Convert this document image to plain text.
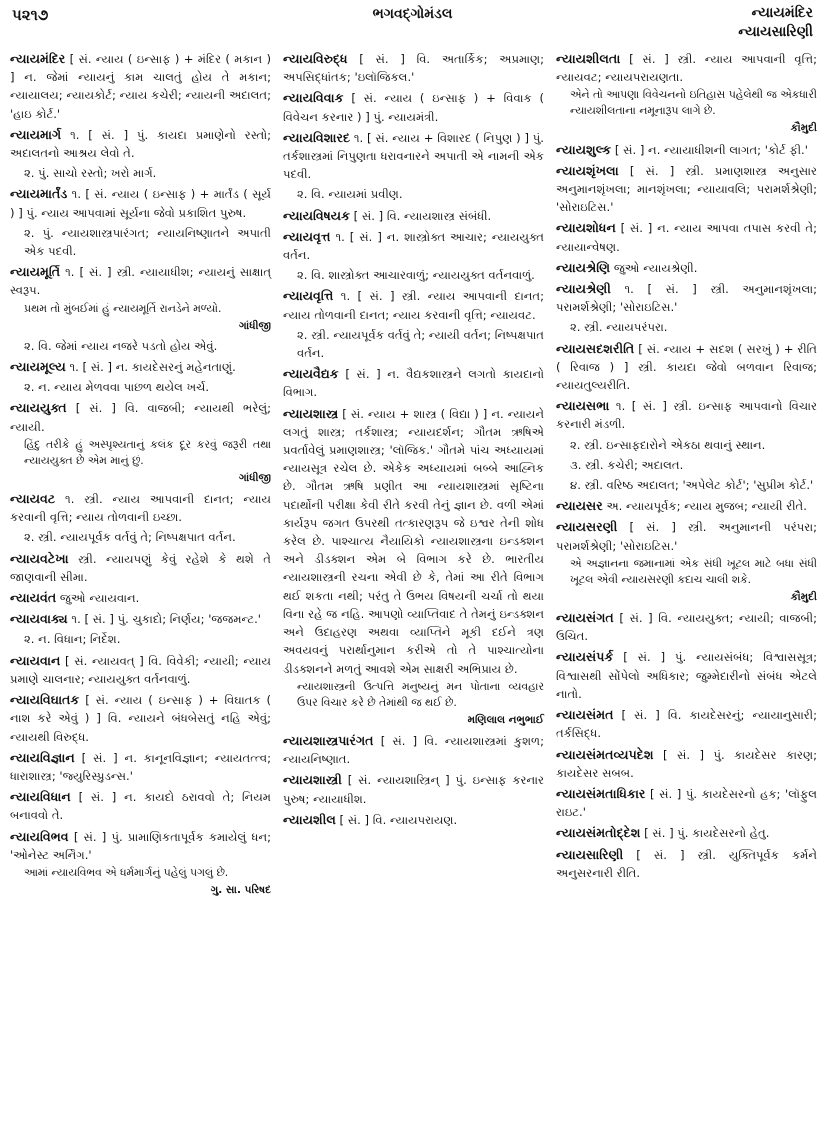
પ૨૧૭	ભગવદ્ગોમંડલ	ન્યાયમંદિર
ન્યાયસારિણી
ન્યાયમંદિર [ સં. ન્યાય ( ઇન્સાફ ) + મંદિર ( મકાન ) ] ન. જેમાં ન્યાયનું કામ ચાલતું હોય તે મકાન; ન્યાયાલય; ન્યાયકોર્ટ; ન્યાય કચેરી; ન્યાયની અદાલત; 'હાઇ કોર્ટ.'
ન્યાયમાર્ગ ૧. [ સં. ] પું. કાયદા પ્રમાણેનો રસ્તો; અદાલતનો આશ્રય લેવો તે.
૨. પું. સાચો રસ્તો; ખરો માર્ગ.
ન્યાયમાર્તંડ ૧. [ સં. ન્યાય ( ઇન્સાફ ) + માર્તંડ ( સૂર્ય ) ] પું. ન્યાય આપવામાં સૂર્યના જેવો પ્રકાશિત પુરુષ.
૨. પું. ન્યાયશાસ્ત્રપારંગત; ન્યાયનિષ્ણાતને અપાતી એક પદવી.
ન્યાયમૂર્તિ ૧. [ સં. ] સ્ત્રી. ન્યાયાધીશ; ન્યાયનું સાક્ષાત્ સ્વરૂપ.
પ્રથમ તો મુંબઈમાં હું ન્યાયમૂર્તિ રાનડેને મળ્યો.
ગાંધીજી
૨. વિ. જેમાં ન્યાય નજરે પડતો હોય એવું.
ન્યાયમૂલ્ય ૧. [ સં. ] ન. કાયદેસરનું મહેનતાણું.
૨. ન. ન્યાય મેળવવા પાછળ થયેલ ખર્ચ.
ન્યાયયુક્ત [ સં. ] વિ. વાજબી; ન્યાયથી ભરેલું; ન્યાયી.
હિંદુ તરીકે હું અસ્પૃશ્યતાનું કલંક દૂર કરવું જરૂરી તથા ન્યાયયુક્ત છે એમ માનું છું.
ગાંધીજી
ન્યાયવટ ૧. સ્ત્રી. ન્યાય આપવાની દાનત; ન્યાય કરવાની વૃત્તિ; ન્યાય તોળવાની ઇચ્છા.
૨. સ્ત્રી. ન્યાયપૂર્વક વર્તવું તે; નિષ્પક્ષપાત વર્તન.
ન્યાયવટેખા સ્ત્રી. ન્યાયપણું કેવું રહેશે કે થશે તે જાણવાની સીમા.
ન્યાયવંત જુઓ ન્યાયવાન.
ન્યાયવાક્ય ૧. [ સં. ] પું. ચુકાદો; નિર્ણય; 'જજમન્ટ.'
૨. ન. વિધાન; નિર્દેશ.
ન્યાયવાન [ સં. ન્યાયવત્ ] વિ. વિવેકી; ન્યાયી; ન્યાય પ્રમાણે ચાલનાર; ન્યાયયુક્ત વર્તનવાળું.
ન્યાયવિઘાતક [ સં. ન્યાય ( ઇન્સાફ ) + વિઘાતક ( નાશ કરે એવું ) ] વિ. ન્યાયને બંધબેસતું નહિ એવું; ન્યાયથી વિરુદ્ધ.
ન્યાયવિજ્ઞાન [ સં. ] ન. કાનૂનવિજ્ઞાન; ન્યાયતત્ત્વ; ધારાશાસ્ત્ર; 'જ્યુરિસ્પ્રુડન્સ.'
ન્યાયવિધાન [ સં. ] ન. કાયદો ઠરાવવો તે; નિયમ બનાવવો તે.
ન્યાયવિભવ [ સં. ] પું. પ્રામાણિકતાપૂર્વક કમાયેલું ધન; 'ઓનેસ્ટ અર્નિંગ.'
આમાં ન્યાયવિભવ એ ધર્મમાર્ગનું પહેલું પગલું છે.
ગુ. સા. પરિષદ
ન્યાયવિરુદ્ધ [ સં. ] વિ. અતાર્કિક; અપ્રમાણ; અપસિદ્ધાંતક; 'ઇલૉજિકલ.'
ન્યાયવિવાક [ સં. ન્યાય ( ઇન્સાફ ) + વિવાક ( વિવેચન કરનાર ) ] પું. ન્યાયમંત્રી.
ન્યાયવિશારદ ૧. [ સં. ન્યાય + વિશારદ ( નિપુણ ) ] પું. તર્કશાસ્ત્રમાં નિપુણતા ધરાવનારને અપાતી એ નામની એક પદવી.
૨. વિ. ન્યાયમાં પ્રવીણ.
ન્યાયવિષયક [ સં. ] વિ. ન્યાયશાસ્ત્ર સંબંધી.
ન્યાયવૃત્ત ૧. [ સં. ] ન. શાસ્ત્રોક્ત આચાર; ન્યાયયુક્ત વર્તન.
૨. વિ. શાસ્ત્રોક્ત આચારવાળું; ન્યાયયુક્ત વર્તનવાળું.
ન્યાયવૃત્તિ ૧. [ સં. ] સ્ત્રી. ન્યાય આપવાની દાનત; ન્યાય તોળવાની દાનત; ન્યાય કરવાની વૃત્તિ; ન્યાયવટ.
૨. સ્ત્રી. ન્યાયપૂર્વક વર્તવું તે; ન્યાયી વર્તન; નિષ્પક્ષપાત વર્તન.
ન્યાયવૈદ્યક [ સં. ] ન. વૈદ્યકશાસ્ત્રને લગતો કાયદાનો વિભાગ.
ન્યાયશાસ્ત્ર [ સં. ન્યાય + શાસ્ત્ર ( વિદ્યા ) ] ન. ન્યાયને લગતું શાસ્ત્ર; તર્કશાસ્ત્ર; ન્યાયદર્શન; ગૌતમ ઋષિએ પ્રવર્તાવેલું પ્રમાણશાસ્ત્ર; 'લૉજિક.' ગૌતમે પાંચ અધ્યાયમાં ન્યાયસૂત્ર રચેલ છે. એકેક અધ્યાયમાં બબ્બે આહ્નિક છે. ગૌતમ ઋષિ પ્રણીત આ ન્યાયશાસ્ત્રમાં સૃષ્ટિના પદાર્થોની પરીક્ષા કેવી રીતે કરવી તેનું જ્ઞાન છે. વળી એમાં કાર્યરૂપ જગત ઉપરથી તત્કારણરૂપ જે ઇશ્વર તેની શોધ કરેલ છે. પાશ્ચાત્ય નૈયાયિકો ન્યાયશાસ્ત્રના ઇન્ડક્શન અને ડીડક્શન એમ બે વિભાગ કરે છે. ભારતીય ન્યાયશાસ્ત્રની રચના એવી છે કે, તેમાં આ રીતે વિભાગ થઈ શકતા નથી; પરંતુ તે ઉભય વિષયની ચર્ચા તો થયા વિના રહે જ નહિ. આપણો વ્યાપ્તિવાદ તે તેમનું ઇન્ડક્શન અને ઉદાહરણ અથવા વ્યાપ્તિને મૂકી દઈને ત્રણ અવયવનું પરાર્થાનુમાન કરીએ તો તે પાશ્ચાત્યોના ડીડક્શનને મળતું આવશે એમ સાક્ષરી અભિપ્રાય છે.
ન્યાયશાસ્ત્રની ઉત્પત્તિ મનુષ્યનું મન પોતાના વ્યવહાર ઉપર વિચાર કરે છે તેમાંથી જ થઈ છે.
મણિલાલ નભુભાઈ
ન્યાયશાસ્ત્રપારંગત [ સં. ] વિ. ન્યાયશાસ્ત્રમાં કુશળ; ન્યાયનિષ્ણાત.
ન્યાયશાસ્ત્રી [ સં. ન્યાયશાસ્ત્રિન્ ] પું. ઇન્સાફ કરનાર પુરુષ; ન્યાયાધીશ.
ન્યાયશીલ [ સં. ] વિ. ન્યાયપરાયણ.
ન્યાયશીલતા [ સં. ] સ્ત્રી. ન્યાય આપવાની વૃત્તિ; ન્યાયવટ; ન્યાયપરાયણતા.
એને તો આપણા વિવેચનનો ઇતિહાસ પહેલેથી જ એકધારી ન્યાયશીલતાના નમૂનારૂપ લાગે છે.
કૌમુદી
ન્યાયશુલ્ક [ સં. ] ન. ન્યાયાધીશની લાગત; 'કોર્ટ ફી.'
ન્યાયશૃંખલા [ સં. ] સ્ત્રી. પ્રમાણશાસ્ત્ર અનુસાર અનુમાનશૃંખલા; માનશૃંખલા; ન્યાયાવલિ; પરામર્શશ્રેણી; 'સોરાઇટિસ.'
ન્યાયશોધન [ સં. ] ન. ન્યાય આપવા તપાસ કરવી તે; ન્યાયાન્વેષણ.
ન્યાયશ્રેણિ જુઓ ન્યાયશ્રેણી.
ન્યાયશ્રેણી ૧. [ સં. ] સ્ત્રી. અનુમાનશૃંખલા; પરામર્શશ્રેણી; 'સોરાઇટિસ.'
૨. સ્ત્રી. ન્યાયપરંપરા.
ન્યાયસદશરીતિ [ સં. ન્યાય + સદશ ( સરખું ) + રીતિ ( રિવાજ ) ] સ્ત્રી. કાયદા જેવો બળવાન રિવાજ; ન્યાયતુલ્યરીતિ.
ન્યાયસભા ૧. [ સં. ] સ્ત્રી. ઇન્સાફ આપવાનો વિચાર કરનારી મંડળી.
૨. સ્ત્રી. ઇન્સાફદારોને એકઠા થવાનું સ્થાન.
૩. સ્ત્રી. કચેરી; અદાલત.
૪. સ્ત્રી. વરિષ્ઠ અદાલત; 'અપેલેટ કોર્ટ'; 'સુપ્રીમ કોર્ટ.'
ન્યાયસર અ. ન્યાયપૂર્વક; ન્યાય મુજબ; ન્યાયી રીતે.
ન્યાયસરણી [ સં. ] સ્ત્રી. અનુમાનની પરંપરા; પરામર્શશ્રેણી; 'સોરાઇટિસ.'
એ અજ્ઞાનના જમાનામાં એક સંધી ખૂટલ માટે બધા સંધી ખૂટલ એવી ન્યાયસરણી કદાચ ચાલી શકે.
કૌમુદી
ન્યાયસંગત [ સં. ] વિ. ન્યાયયુક્ત; ન્યાયી; વાજબી; ઉચિત.
ન્યાયસંપર્ક [ સં. ] પું. ન્યાયસંબંધ; વિશ્વાસસૂત્ર; વિશ્વાસથી સોંપેલો અધિકાર; જુમ્મેદારીનો સંબંધ એટલે નાતો.
ન્યાયસંમત [ સં. ] વિ. કાયદેસરનું; ન્યાયાનુસારી; તર્કસિદ્ધ.
ન્યાયસંમતવ્યપદેશ [ સં. ] પું. કાયદેસર કારણ; કાયદેસર સબબ.
ન્યાયસંમતાધિકાર [ સં. ] પું. કાયદેસરનો હક; 'લૉફુલ રાઇટ.'
ન્યાયસંમતોદ્દેશ [ સં. ] પું. કાયદેસરનો હેતુ.
ન્યાયસારિણી [ સં. ] સ્ત્રી. યુક્તિપૂર્વક કર્મને અનુસરનારી રીતિ.
